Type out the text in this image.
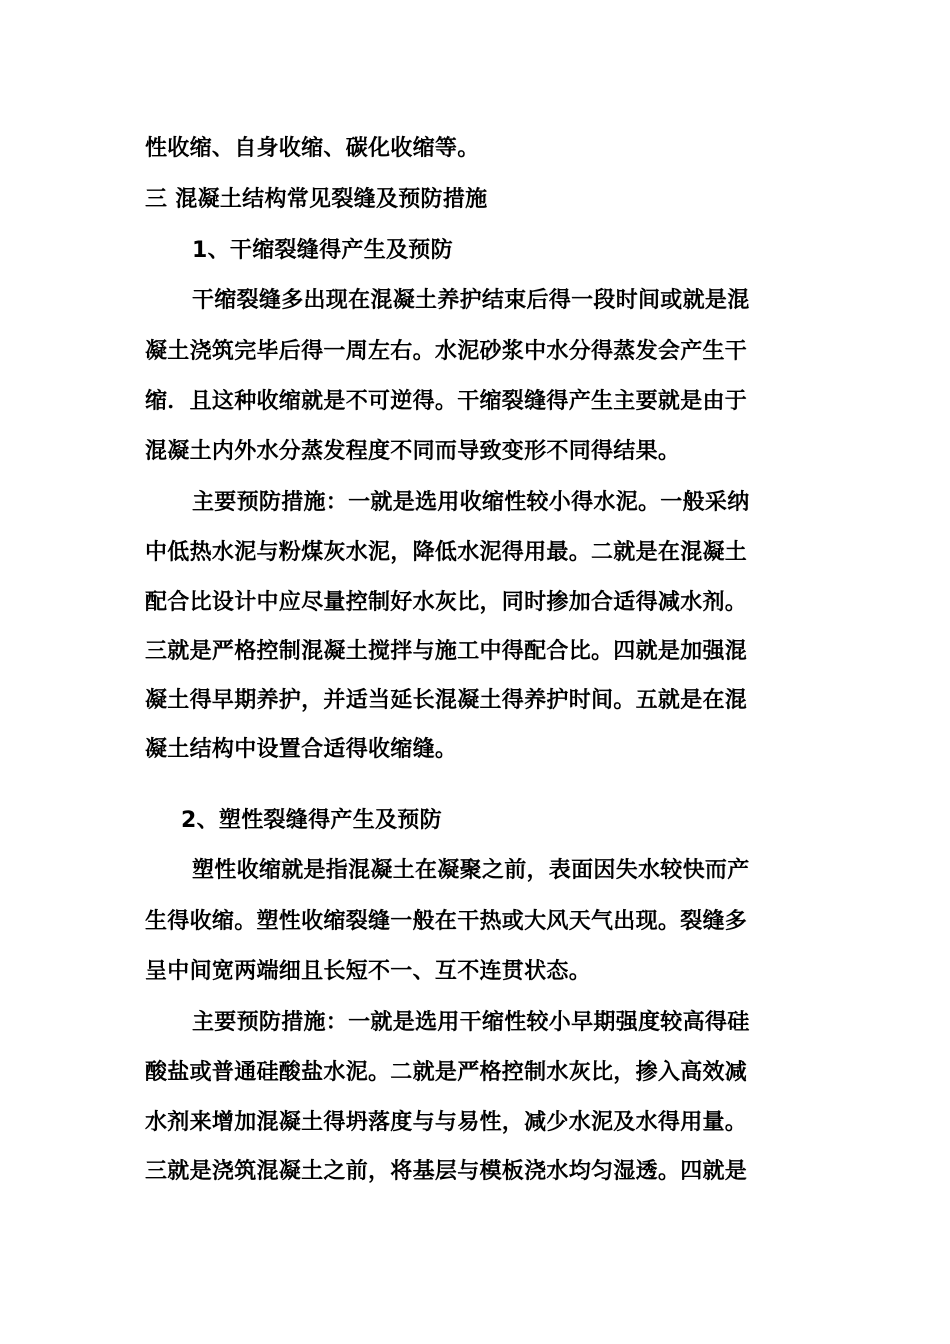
性收缩、自身收缩、碳化收缩等。
三 混凝土结构常见裂缝及预防措施
1、干缩裂缝得产生及预防
干缩裂缝多出现在混凝土养护结束后得一段时间或就是混
凝土浇筑完毕后得一周左右。水泥砂浆中水分得蒸发会产生干
缩．且这种收缩就是不可逆得。干缩裂缝得产生主要就是由于
混凝土内外水分蒸发程度不同而导致变形不同得结果。
主要预防措施：一就是选用收缩性较小得水泥。一般采纳
中低热水泥与粉煤灰水泥，降低水泥得用最。二就是在混凝土
配合比设计中应尽量控制好水灰比，同时掺加合适得减水剂。
三就是严格控制混凝土搅拌与施工中得配合比。四就是加强混
凝土得早期养护，并适当延长混凝土得养护时间。五就是在混
凝土结构中设置合适得收缩缝。
2、塑性裂缝得产生及预防
塑性收缩就是指混凝土在凝聚之前，表面因失水较快而产
生得收缩。塑性收缩裂缝一般在干热或大风天气出现。裂缝多
呈中间宽两端细且长短不一、互不连贯状态。
主要预防措施：一就是选用干缩性较小早期强度较高得硅
酸盐或普通硅酸盐水泥。二就是严格控制水灰比，掺入高效减
水剂来增加混凝土得坍落度与与易性，减少水泥及水得用量。
三就是浇筑混凝土之前，将基层与模板浇水均匀湿透。四就是
